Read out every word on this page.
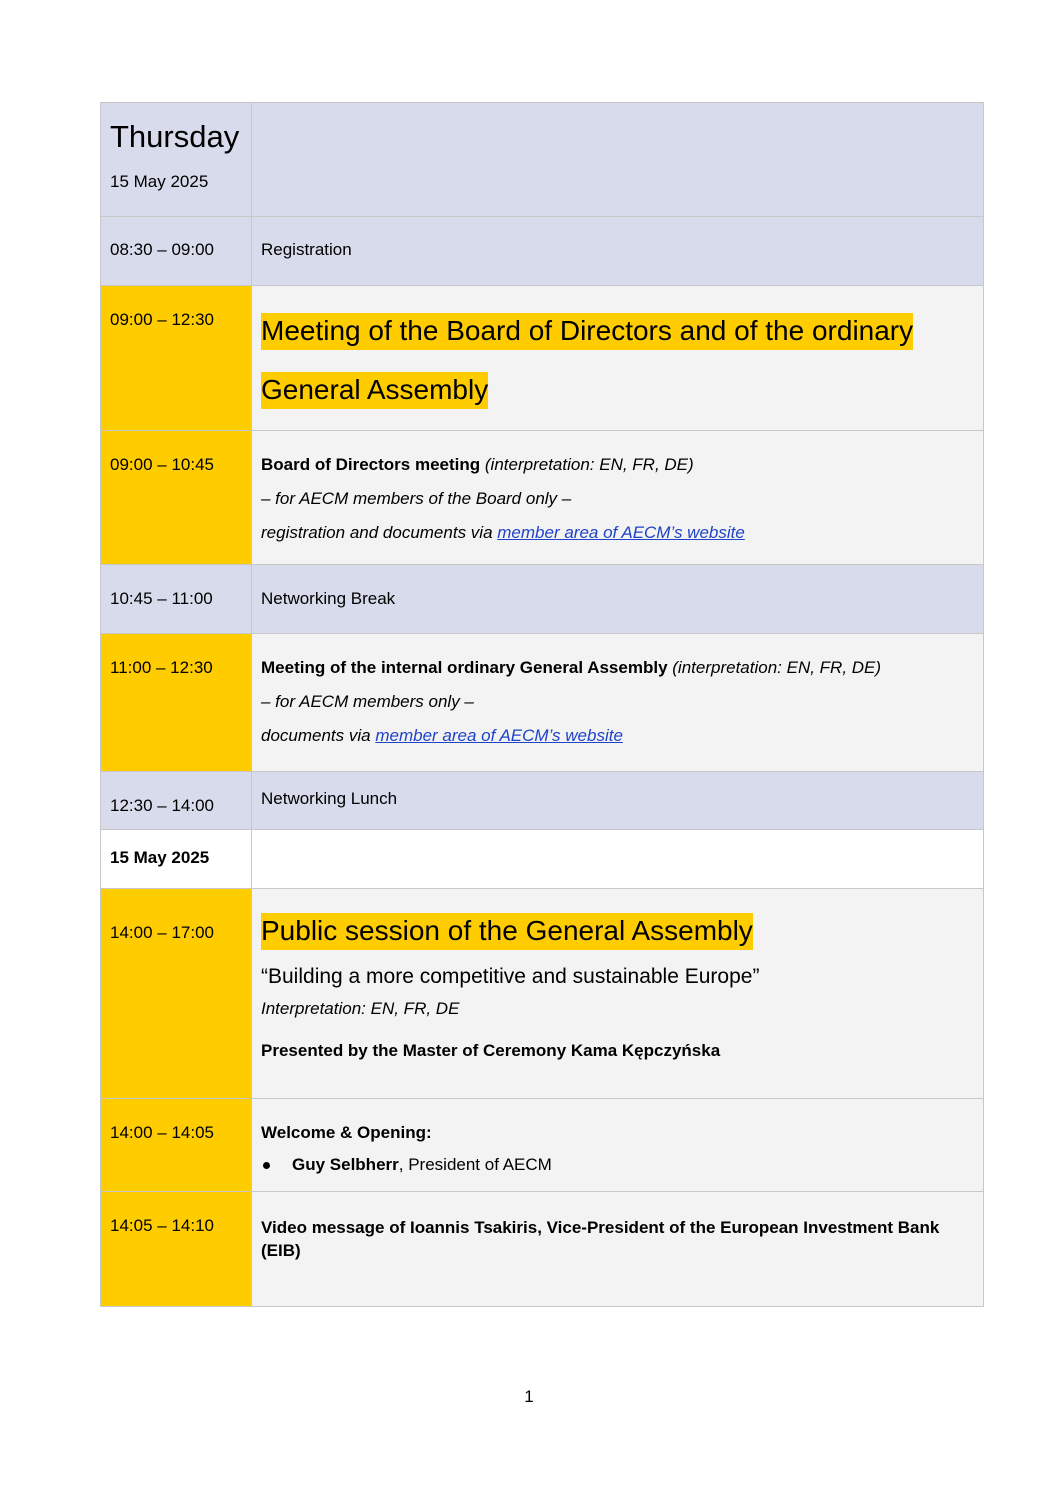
Thursday
15 May 2025	

08:30 – 09:00	Registration

09:00 – 12:30	Meeting of the Board of Directors and of the ordinary
General Assembly

09:00 – 10:45	Board of Directors meeting (interpretation: EN, FR, DE)
– for AECM members of the Board only –
registration and documents via member area of AECM’s website

10:45 – 11:00	Networking Break

11:00 – 12:30	Meeting of the internal ordinary General Assembly (interpretation: EN, FR, DE)
– for AECM members only –
documents via member area of AECM’s website

12:30 – 14:00	Networking Lunch

15 May 2025	

14:00 – 17:00	Public session of the General Assembly
“Building a more competitive and sustainable Europe”
Interpretation: EN, FR, DE
Presented by the Master of Ceremony Kama Kępczyńska

14:00 – 14:05	Welcome & Opening:
Guy Selbherr, President of AECM

14:05 – 14:10	Video message of Ioannis Tsakiris, Vice-President of the European Investment Bank (EIB)
1
